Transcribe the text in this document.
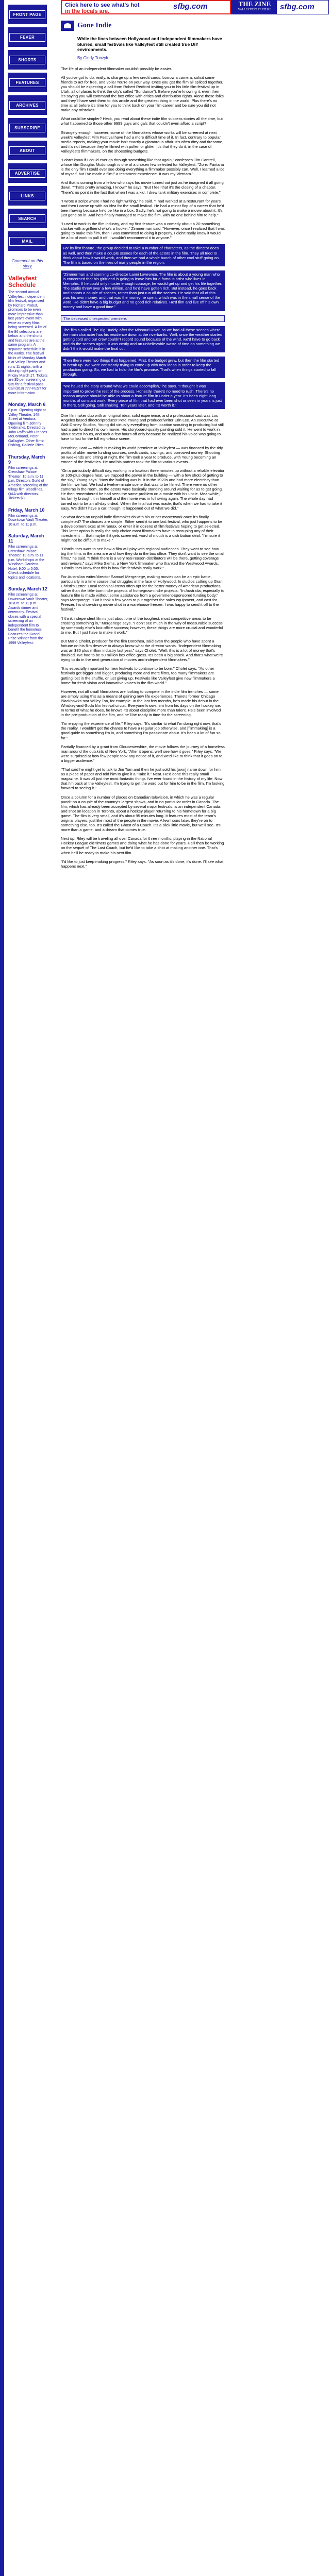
FRONT PAGE
FEVER
SHORTS
FEATURES
ARCHIVES
SUBSCRIBE
ABOUT
ADVERTISE
LINKS
SEARCH
MAIL
Comment on this story
Valleyfest Schedule
The second annual Valleyfest independent film festival, organized by Richard Probst, promises to be even more impressive than last year's event with twice as many films being screened. A list of the 86 selections are below, and the shorts and features are at the same program. A separate schedule is in the works. The festival kicks off Monday March 6 at Valley Theater and runs 11 nights, with a closing night party on Friday March 17. Tickets are $5 per screening or $35 for a festival pass. Call (818) 777-FEST for more information.
Monday, March 6
8 p.m. Opening night at Valley Theatre, 14th Street at Ventura. Opening film Johnny Skidmarks. Directed by John Raffo with Frances McDormand, Peter Gallagher. Other films: Fishing, Gallerie Rites.
Thursday, March 9
Film screenings at Crenshaw Palace Theater, 10 a.m. to 11 p.m. Directors Guild of America screening of the trilogy film Bloodlines. Q&A with directors. Tickets $8.
Friday, March 10
Film screenings at Downtown Vault Theater, 10 a.m. to 11 p.m.
Saturday, March 11
Film screenings at Crenshaw Palace Theater, 10 a.m. to 11 p.m. Workshops at the Windham Gardens Hotel, 9:00 to 5:00. Check schedule for topics and locations.
Sunday, March 12
Film screenings at Downtown Vault Theater, 10 a.m. to 11 p.m. Awards dinner and ceremony. Festival closes with a special screening of an independent film to benefit the homeless. Features the Grand Prize Winner from the 1999 Valleyfest.
Click here to see what's hot
in the locals are.
sfbg.com	THE ZINE
VALLEYFEST FEATURE	sfbg.com
Gone Indie
While the lines between Hollywood and independent filmmakers have blurred, small festivals like Valleyfest still created true DIY environments.
By Cindy Tunzyk

The life of an independent filmmaker couldn't possibly be easier.

All you've got to do, really, is charge up a few credit cards, borrow a camera, solicit some friends to act for free, and voila! You're on your way. Once you get the film all spliced together, you should be expecting a call from Robert Redford inviting you to his little film festival up in Utah, all of places to think the city's called "Sundance"). Before you're knowing it, even then it's saying you will command the box office with critics and distribution rights. Alone these folks and they'll have sent them to this article and the greatest thing in the world. Plus there's no time at all before it's time for you to think back on your film career and be sure you did not make any mistakes.

What could be simpler? Heck, you read about these indie film success stories all the time, but what happened to those other 9999 guys and gals that couldn't even afford a script?

Strangely enough, however, some of the filmmakers whose works will be screened at next week's Valleyfest Film Festival have had a more difficult time of it. In fact, contrary to popular media reports, making your movie isn't exactly a glamorous affair. It's often dirty and tiresome, and it's not because they're filmed with pollen or glitter. It's that they do it, in the case of Valleyfest's filmmakers, on the shoestring budgets.

"I don't know if I could ever go through something like that again," confesses Tim Cantrell, whose film Douglas Mcdonough is one of a chosen few selected for Valleyfest. "Zorro Fantana is the only film I could ever see doing everything a filmmaker possibly can. Well, I learned a lot of myself, but I've made a film!" a testament experience. It was my Vietnam."

And that is coming from a fellow who says his movie turned out just as he imagined it all going down. "That's pretty amazing, I know," he says. "But I feel that it's the closing of a chapter. There's no point in the fact that when I was a kid, I drew tank military exercises in complete."

"I wrote a script where I had no right writing," he said. "I had worked at a restaurant for years and then I came up with an idea for the small festival. He had a minor flop of a career that he'd been having because he'd be like in a box. Sadly, he's not going to make a movie about it. It's just gone on in. And he's finally managed to make the film, with no one behind him to help."

"I used to work in the film industry, and my first feature was a comedy about a 20-something slacker with a girlfriend who's a hooker," Zimmerman said. "However, once I realized that I was going to make this film, then I was committed to doing it properly. I didn't really know it would be a lot of work to pull it off. I wouldn't recommend it to anyone."

For its first feature, the group decided to take a number of characters, as the director does as well, and then make a couple scenes for each of the actors in the film. They all tried to think about how it would work, and then we had a whole bunch of other cool stuff going on. The film is based on the lives of many people in the region.

"Zimmerman and stunning co-director Lanni Lawrence. The film is about a young man who is concerned that his girlfriend is going to leave him for a famous artist who lives in Memphis. If he could only muster enough courage, he would get up and get his life together. The studio threw over a few million, and he'd have gotten rich. But instead, he goes back and shoots a couple of scenes, rather than just run all the scenes. He said that all of this was his own money, and that was the money he spent, which was in the small sense of the word. He didn't have a big budget and no good rich relatives. He'd film and live off his own money and have a good time."

The deceased unexpected premiere.

The film's called The Big Buddy, after the Missouri River, so we had all these scenes where the main character has his residence down at the riverbanks. Well, once the weather started getting cold and our crew couldn't record sound because of the wind, we'd have to go back and do the scenes again. It was costly and an unbelievable waste of time on something we didn't think would make the final cut.

Then there were two things that happened. First, the budget grew, but then the film started to break up. We were constantly trying to come up with new ideas in order to keep the production going. So, we had to hold the film's promise. That's when things started to fall through.

"We hauled the story around what we could accomplish," he says. "I thought it was important to prove the rest of the process. Honestly, there's no need to rush. There's no reason anyone should be able to shoot a feature film in under a year. It's been eight long months of constant work. Every piece of film that had ever been shot or seen in years is just in there. Still going. Still shaking. Ten years later, and it's worth it."

One filmmaker duo with an original idea, solid experience, and a professional cast was Los Angeles based director/producer Pete Young and producer/writer Erin Lee. An executive at Walt Disney Studios, Young did virtually everything from location scouting to producing but still had a pair to direct his own movie. His storyboard-quality painting sold it. He went to work in about seven hours, and took a few hours off only because he realized his voice was going to have to last for the full eight-hour scene.

Breathing Hard — which is making its world premiere at Valleyfest — was financed by the tidy profits of older movie funding sources, credit cards, savings, and borrowed money. Shooting on weekends and sitting at night, the film took a year to produce, with Young becoming an emcee of the festivities. He and his partner took the film to various events.

"On a particularly difficult day, working in a location three minutes up without a reliable elevator or 100-plus degree heat, we trapped the power in the building — with a few shots of getting to the sky," Young says. "Now the building was built in the 1920s and had more electricity than the film we had. We had a twelve-minute scene that was to be filmed. There were no other cameras in the room, so the actors were basically standing around waiting for us to get going. He then remembered he had seen the same problem on a movie with his uncle. Meanwhile, his family brought it in himself and the movie was in full swing again. The whole day had turned out to be an all-day ordeal. When the final cut was made, that's when we had to take it easy. We didn't have a car, though. It happened out of what we did."

So what does an unpaid indie filmmaker do with his or her masterwork once it's finally completed? The choices are simple: Either send it to one last festival, who just happens to be a development exec at Miramax, or enter it in dozens of film festivals hoping to get selected. This latter option is really the only choice most filmmakers have in recouping any of their investment — that maybe if it gets screened, word of mouth is a distribution deal. "I'm sure it might not be difficult to make."

"Distributors want to see how a film will play with regional audiences. They want to see how big the films in the area are and how they do in the box office. They don't want to see the small films," he said. "I think there is a very real reason distributors will be there, getting coverage and reviews," says Mike Siems, a New York filmmaker who thanked the Westwood Awards. "Distributors know that this is how film festivals really work."

For Australian writer/director Samuel Mergenege, making movies can be an epic battle, particularly in a time course that struggles in the face of Hollywood. In studios cutting up Gran Christi's Letter. Local technical crews often opt for the better money of American productions, rather than the little-born indie projects of homegrown indie projects. "In Australia, especially to feature film is made without some assistance from a government-sponsored funding body," says Merganege. "But it took a few years to put together the sales equipment, and cast for Freezer, his shoe-string movie shot in a warehouse freezer. I was happy to send it off to the festival."

"I think independent film is just about one of the toughest, most competitive areas to be creating something in," Mergenege says. "I don't see much in the way of measurable success by somebody else's box office success; however, these things are more crucial and wonderful to me. But I just have to make it work."

But Mario Cholet, producer for the film Dorothea, said even the people who have spent a fortune on his film deserve to always know what the director wants. "Independent filmmaking was an $80 plus million industry last year," says Cholet. "Well, this is a lot of money that's doubled. We had to be 50 million box office gross. It's been a big shock. And that's what we're trying to do in the next generation of movies and independent filmmakers."

"It is especially important for new festivals to continue to be born," Cholet says. "As other festivals get bigger and bigger, producing more and more films, too many filmmakers are getting lost in the shuffle, or just giving up. Festivals like Valleyfest give new filmmakers a home for fresh vision and innovative voices in the film world."

However, not all small filmmakers are looking to compete in the indie film trenches — some are simply using this as a means of gaining new life experiences. There's former Chicago Blackhawks star Willey Ton, for example. In the last few months, he's made his debut in the Whiskey-and-Soda film festival circuit. Everyone knows him from his days on the hockey ice. In terms of what he does, he knows it's about discipline more than talent. He's been involved in the pre-production of the film, and he'll be ready in time for the screening.

"I'm enjoying the experience of life," Riley says. "It's similar to what I'm doing right now, that's the reality. I wouldn't get the chance to have a regular job otherwise, and [filmmaking] is a good guide to something I'm in, and something I'm passionate about. It's been a lot of fun so far."

Partially financed by a grant from Gloucestershire, the movie follows the journey of a homeless man around the outskirts of New York. "After it opens, we'll see how it goes," Riley says. "We were surprised at how few people took any notice of it, and we'd like to think that it goes on to a bigger audience."

"That said he might get to talk to Jim Tom and then he just sold his [own] name down for him as a piece of paper and told him to give it a "Take it." Neat. He'd done this really small magazine. It was all just the most fantastic things I've ever found in the history of my life. Now that I'm back at the Valleyfest, I'm trying to get the word out for him to be in the film. I'm looking forward to seeing it."

Once a column for a number of places on Canadian television, in which he was a regular pundit on a couple of the country's largest shows, and in no particular order in Canada. The film, which has already been accepted by several major festivals, is an independent Canada, and shot on location in Toronto, about a hockey player returning to his hometown for a big game. The film is very small, and it's about 95 minutes long. It features most of the team's original players, just like most of the people in the movie. A few hours later, they're on to something else, too. It's called the Ghost of a Coach. It's a slick little movie, but we'll see. It's more than a game, and a dream that comes true.

Next up, Riley will be traveling all over Canada for three months, playing in the National Hockey League old timers games and doing what he has done for years. He'll then be working on the sequel of The Last Coach, but he'd like to take a shot at making another one. That's when he'll be ready to make his next film.

"I'd like to just keep making progress," Riley says. "As soon as it's done, it's done. I'll see what happens next."
